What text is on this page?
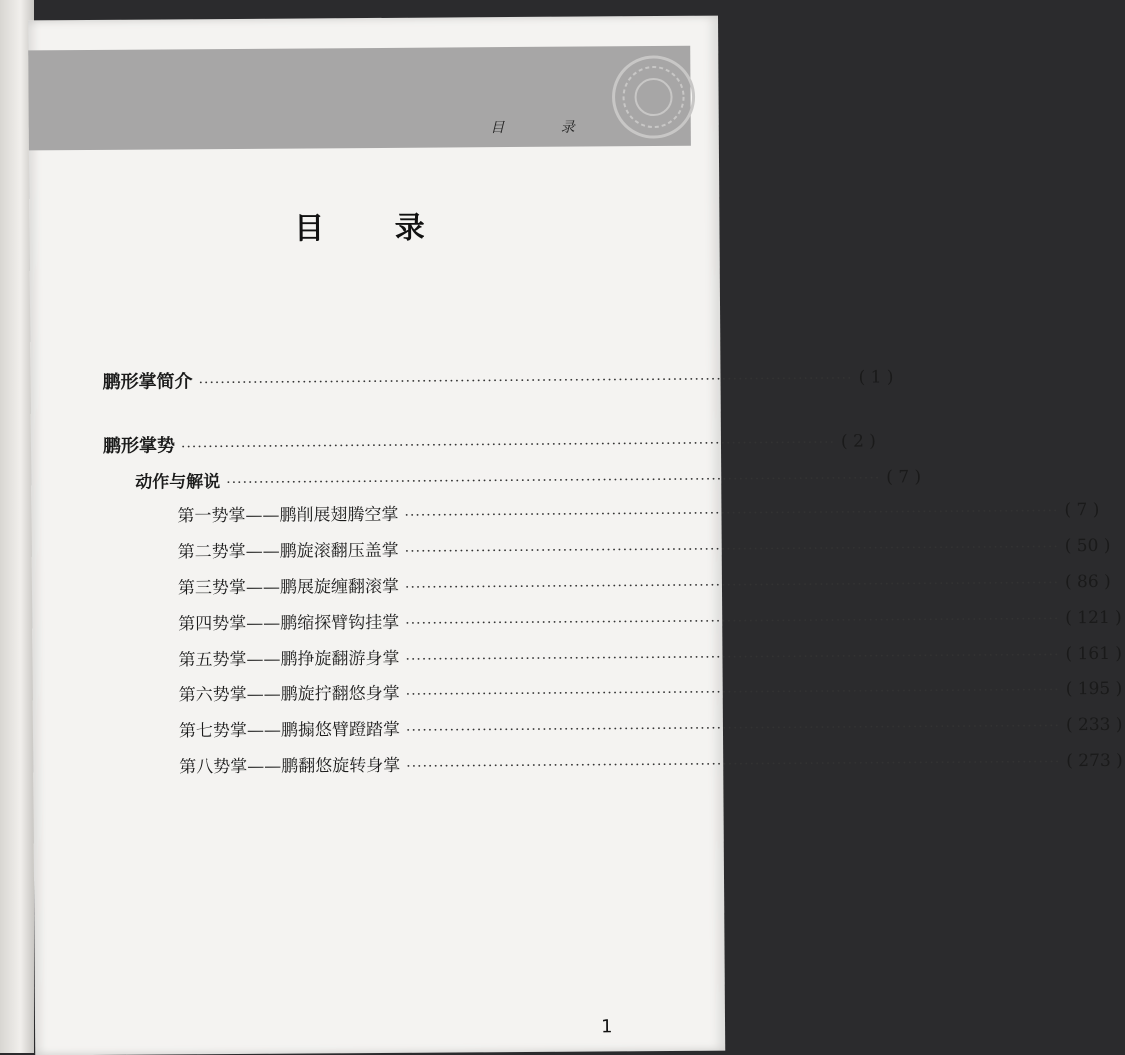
目 录
目 录
鹏形掌简介 ························································································································ ( 1 )
鹏形掌势 ························································································································ ( 2 )
动作与解说 ························································································································ ( 7 )
第一势掌——鹏削展翅腾空掌 ························································································································ ( 7 )
第二势掌——鹏旋滚翻压盖掌 ························································································································ ( 50 )
第三势掌——鹏展旋缠翻滚掌 ························································································································ ( 86 )
第四势掌——鹏缩探臂钩挂掌 ························································································································ ( 121 )
第五势掌——鹏挣旋翻游身掌 ························································································································ ( 161 )
第六势掌——鹏旋拧翻悠身掌 ························································································································ ( 195 )
第七势掌——鹏搧悠臂蹬踏掌 ························································································································ ( 233 )
第八势掌——鹏翻悠旋转身掌 ························································································································ ( 273 )
1
